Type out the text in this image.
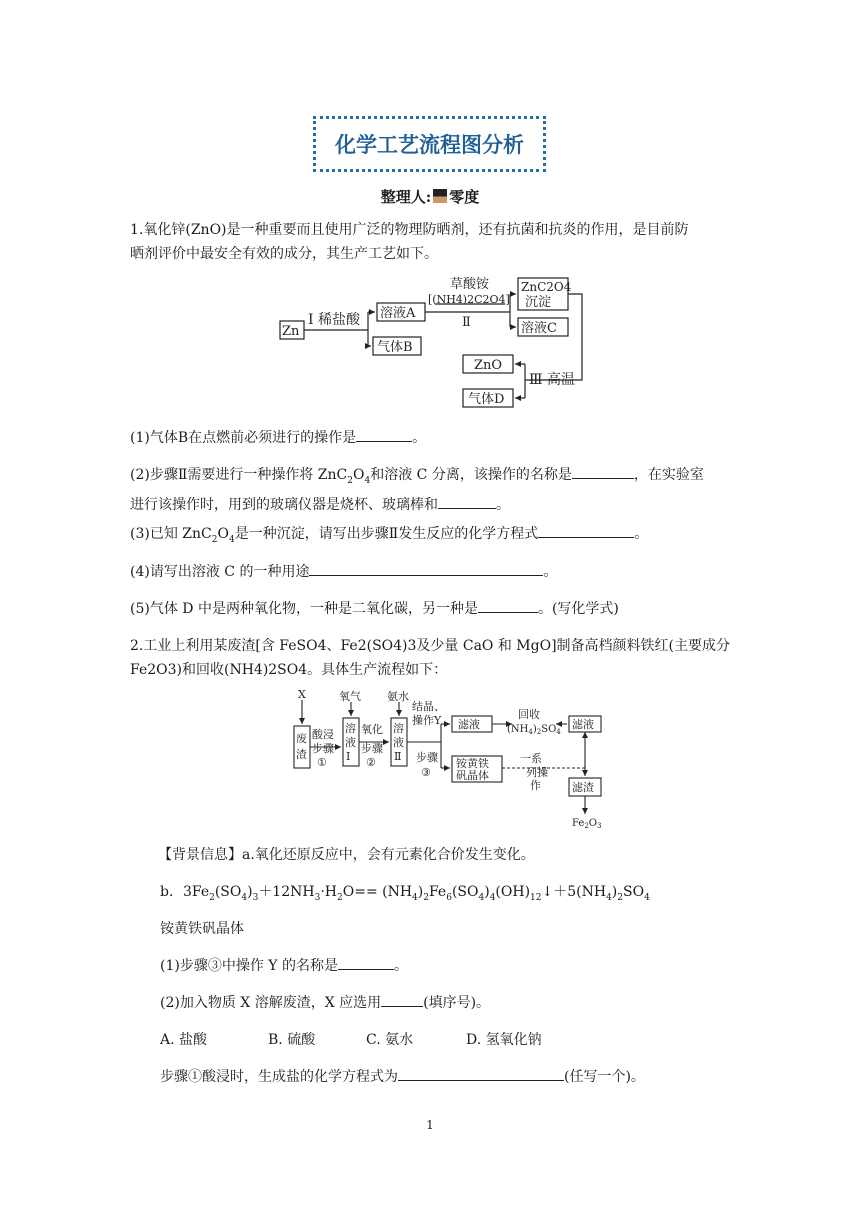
化学工艺流程图分析
整理人: 零度
1.氧化锌(ZnO)是一种重要而且使用广泛的物理防晒剂，还有抗菌和抗炎的作用，是目前防
晒剂评价中最安全有效的成分，其生产工艺如下。
Zn
Ⅰ 稀盐酸 溶液A
气体B
草酸铵
[(NH4)2C2O4]
Ⅱ
ZnC2O4
沉淀
溶液C
ZnO
气体D
Ⅲ 高温
(1)气体B在点燃前必须进行的操作是	。
(2)步骤Ⅱ需要进行一种操作将 $ZnC_2O_4$和溶液 C 分离，该操作的名称是	，在实验室
进行该操作时，用到的玻璃仪器是烧杯、玻璃棒和	。
(3)已知 $ZnC_2O_4$是一种沉淀，请写出步骤Ⅱ发生反应的化学方程式	。
(4)请写出溶液 C 的一种用途	。
(5)气体 D 中是两种氧化物，一种是二氧化碳，另一种是	。(写化学式)
2.工业上利用某废渣[含 FeSO4、Fe2(SO4)3及少量 CaO 和 MgO]制备高档颜料铁红(主要成分
Fe2O3)和回收(NH4)2SO4。具体生产流程如下：
X	氧气 氨水
废渣
溶液 Ⅰ
溶液 Ⅱ
酸浸步骤 ①
氧化步骤 ②
结晶、操作Y
步骤 ③
滤液
回收
$(NH_4)_2SO_4$
滤液
铵黄铁矾晶体
一系列操作	滤渣
$Fe_2O_3$
【背景信息】a.氧化还原反应中，会有元素化合价发生变化。
b．$3Fe_2(SO_4)_3+12NH_3\cdot H_2O==$ $(NH_4)_2Fe_6(SO_4)_4(OH)_{12}↓+5(NH_4)_2SO_4$
铵黄铁矾晶体
(1)步骤③中操作 Y 的名称是	。
(2)加入物质 X 溶解废渣，X 应选用	(填序号)。
A. 盐酸	B. 硫酸	C. 氨水	D. 氢氧化钠
步骤①酸浸时，生成盐的化学方程式为	(任写一个)。
1
